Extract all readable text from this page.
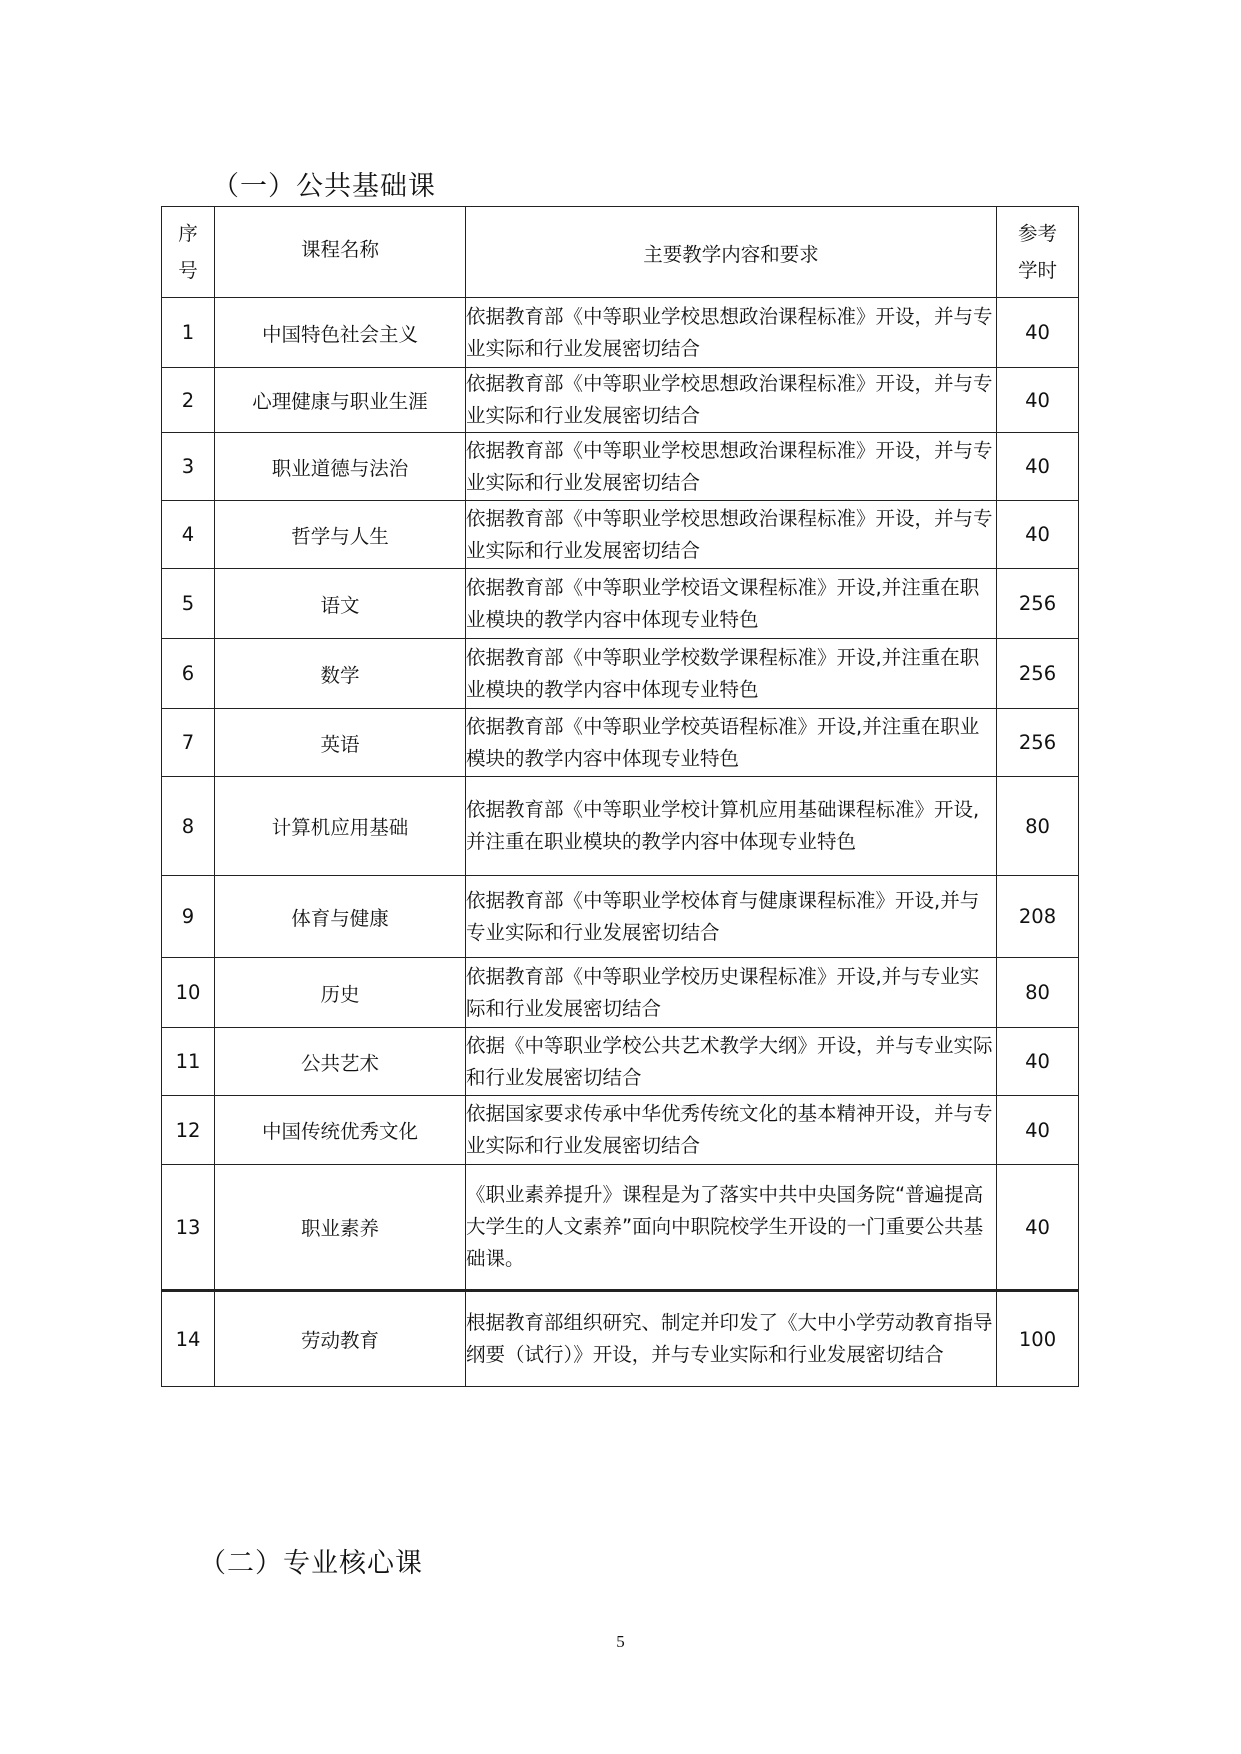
（一）公共基础课
序号	课程名称	主要教学内容和要求	参考学时
1	中国特色社会主义	依据教育部《中等职业学校思想政治课程标准》开设，并与专业实际和行业发展密切结合	40
2	心理健康与职业生涯	依据教育部《中等职业学校思想政治课程标准》开设，并与专业实际和行业发展密切结合	40
3	职业道德与法治	依据教育部《中等职业学校思想政治课程标准》开设，并与专业实际和行业发展密切结合	40
4	哲学与人生	依据教育部《中等职业学校思想政治课程标准》开设，并与专业实际和行业发展密切结合	40
5	语文	依据教育部《中等职业学校语文课程标准》开设,并注重在职业模块的教学内容中体现专业特色	256
6	数学	依据教育部《中等职业学校数学课程标准》开设,并注重在职业模块的教学内容中体现专业特色	256
7	英语	依据教育部《中等职业学校英语程标准》开设,并注重在职业模块的教学内容中体现专业特色	256
8	计算机应用基础	依据教育部《中等职业学校计算机应用基础课程标准》开设,并注重在职业模块的教学内容中体现专业特色	80
9	体育与健康	依据教育部《中等职业学校体育与健康课程标准》开设,并与专业实际和行业发展密切结合	208
10	历史	依据教育部《中等职业学校历史课程标准》开设,并与专业实际和行业发展密切结合	80
11	公共艺术	依据《中等职业学校公共艺术教学大纲》开设，并与专业实际和行业发展密切结合	40
12	中国传统优秀文化	依据国家要求传承中华优秀传统文化的基本精神开设，并与专业实际和行业发展密切结合	40
13	职业素养	《职业素养提升》课程是为了落实中共中央国务院“普遍提高大学生的人文素养”面向中职院校学生开设的一门重要公共基础课。	40
14	劳动教育	根据教育部组织研究、制定并印发了《大中小学劳动教育指导纲要（试行）》开设，并与专业实际和行业发展密切结合	100
（二）专业核心课
5
